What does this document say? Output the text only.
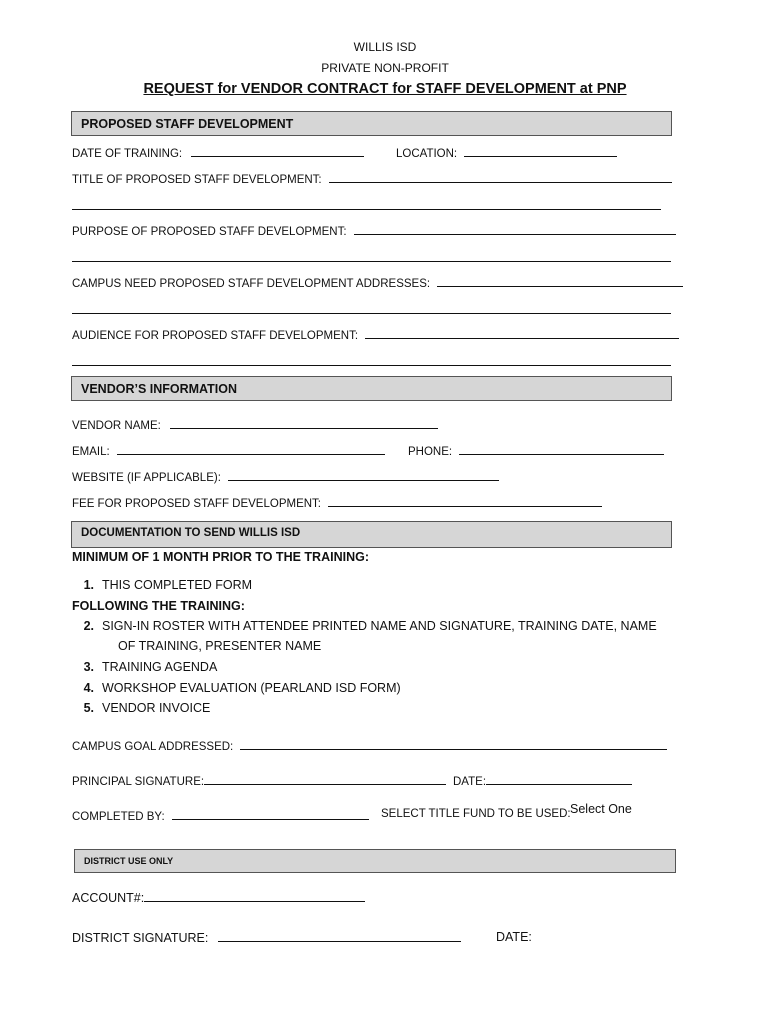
WILLIS ISD
PRIVATE NON-PROFIT
REQUEST for VENDOR CONTRACT for STAFF DEVELOPMENT at PNP
PROPOSED STAFF DEVELOPMENT
DATE OF TRAINING:	LOCATION:
TITLE OF PROPOSED STAFF DEVELOPMENT:
PURPOSE OF PROPOSED STAFF DEVELOPMENT:
CAMPUS NEED PROPOSED STAFF DEVELOPMENT ADDRESSES:
AUDIENCE FOR PROPOSED STAFF DEVELOPMENT:
VENDOR’S INFORMATION
VENDOR NAME:
EMAIL:	PHONE:
WEBSITE (IF APPLICABLE):
FEE FOR PROPOSED STAFF DEVELOPMENT:
DOCUMENTATION TO SEND WILLIS ISD
MINIMUM OF 1 MONTH PRIOR TO THE TRAINING:
1. THIS COMPLETED FORM
FOLLOWING THE TRAINING:
2. SIGN-IN ROSTER WITH ATTENDEE PRINTED NAME AND SIGNATURE, TRAINING DATE, NAME
OF TRAINING, PRESENTER NAME
3. TRAINING AGENDA
4. WORKSHOP EVALUATION (PEARLAND ISD FORM)
5. VENDOR INVOICE
CAMPUS GOAL ADDRESSED:
PRINCIPAL SIGNATURE:	DATE:
COMPLETED BY:	SELECT TITLE FUND TO BE USED: Select One
DISTRICT USE ONLY
ACCOUNT#:
DISTRICT SIGNATURE:	DATE:
